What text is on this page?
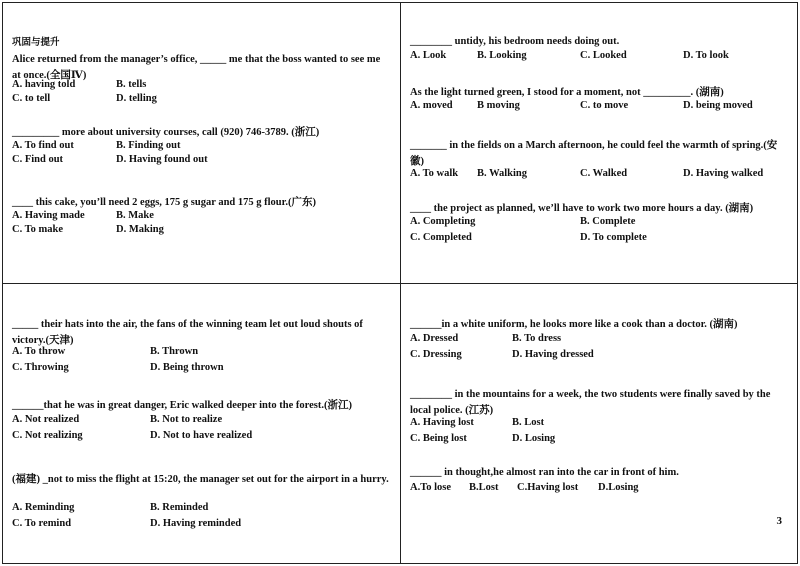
巩固与提升
Alice returned from the manager’s office, _____ me that the boss wanted to see me at once.(全国Ⅳ)
A. having told	B. tells
C. to tell	D. telling
_________ more about university courses, call (920) 746-3789. (浙江)
A. To find out	B. Finding out
C. Find out	D. Having found out
____ this cake, you’ll need 2 eggs, 175 g sugar and 175 g flour.(广东)
A. Having made	B. Make
C. To make	D. Making
________ untidy, his bedroom needs doing out.
A. Look	B. Looking	C. Looked	D. To look
As the light turned green, I stood for a moment, not _________. (湖南)
A. moved B moving	C. to move	D. being moved
_______ in the fields on a March afternoon, he could feel the warmth of spring.(安徽)
A. To walk B. Walking	C. Walked	D. Having walked
____ the project as planned, we’ll have to work two more hours a day. (湖南)
A. Completing	B. Complete
C. Completed	D. To complete
_____ their hats into the air, the fans of the winning team let out loud shouts of victory.(天津)
A. To throw	B. Thrown
C. Throwing	D. Being thrown
______that he was in great danger, Eric walked deeper into the forest.(浙江)
A. Not realized	B. Not to realize
C. Not realizing	D. Not to have realized
(福建) _not to miss the flight at 15:20, the manager set out for the airport in a hurry.
A. Reminding	B. Reminded
C. To remind	D. Having reminded
______in a white uniform, he looks more like a cook than a doctor. (湖南)
A. Dressed	B. To dress
C. Dressing	D. Having dressed
________ in the mountains for a week, the two students were finally saved by the local police. (江苏)
A. Having lost	B. Lost
C. Being lost	D. Losing
______ in thought,he almost ran into the car in front of him.
A.To lose B.Lost C.Having lost D.Losing
3
